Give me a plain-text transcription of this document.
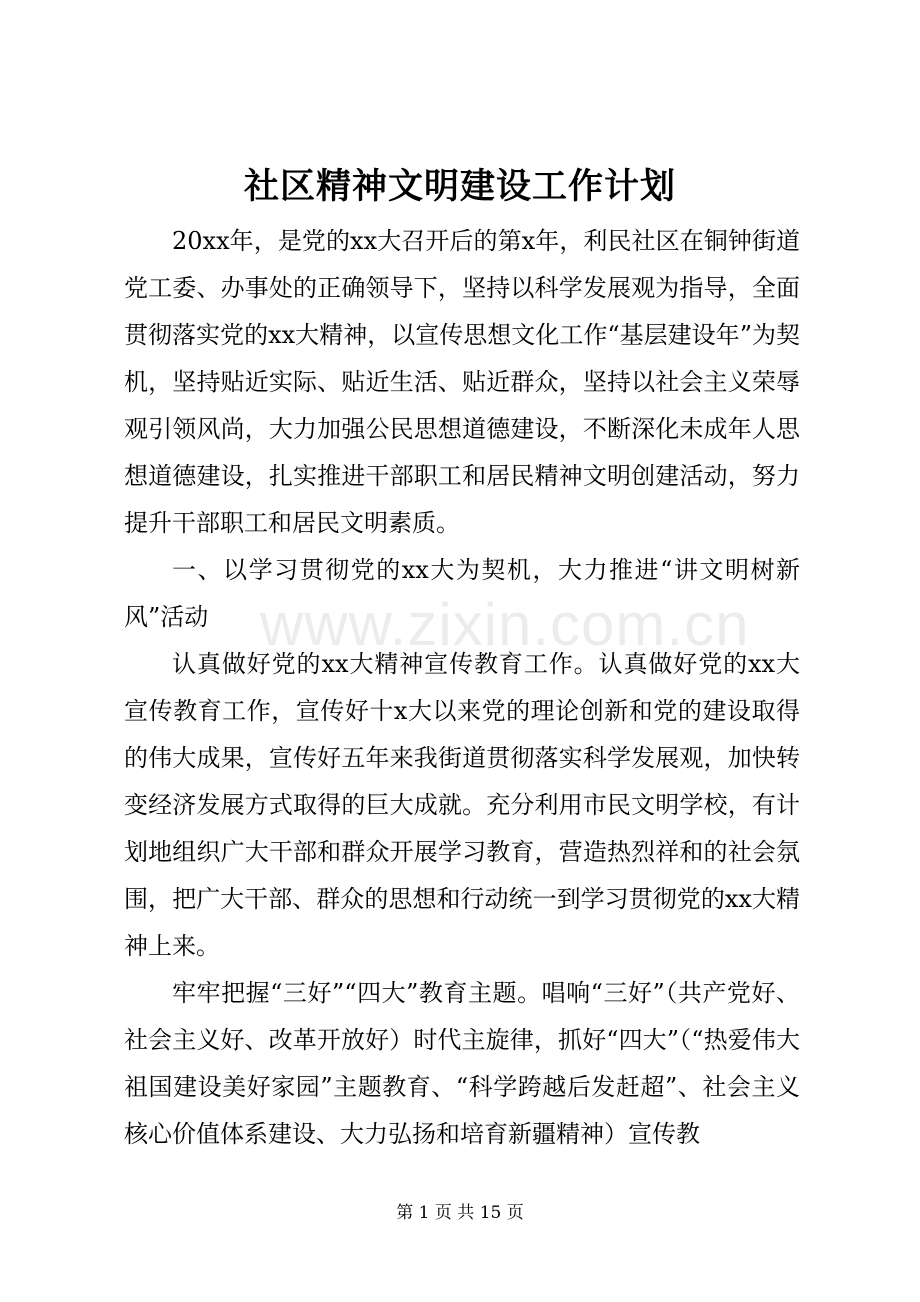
www.zixin.com.cn
社区精神文明建设工作计划

20xx年，是党的xx大召开后的第x年，利民社区在铜钟街道党工委、办事处的正确领导下，坚持以科学发展观为指导，全面贯彻落实党的xx大精神，以宣传思想文化工作“基层建设年”为契机，坚持贴近实际、贴近生活、贴近群众，坚持以社会主义荣辱观引领风尚，大力加强公民思想道德建设，不断深化未成年人思想道德建设，扎实推进干部职工和居民精神文明创建活动，努力提升干部职工和居民文明素质。

一、以学习贯彻党的xx大为契机，大力推进“讲文明树新风”活动

认真做好党的xx大精神宣传教育工作。认真做好党的xx大宣传教育工作，宣传好十x大以来党的理论创新和党的建设取得的伟大成果，宣传好五年来我街道贯彻落实科学发展观，加快转变经济发展方式取得的巨大成就。充分利用市民文明学校，有计划地组织广大干部和群众开展学习教育，营造热烈祥和的社会氛围，把广大干部、群众的思想和行动统一到学习贯彻党的xx大精神上来。

牢牢把握“三好”“四大”教育主题。唱响“三好”（共产党好、社会主义好、改革开放好）时代主旋律，抓好“四大”（“热爱伟大祖国建设美好家园”主题教育、“科学跨越后发赶超”、社会主义核心价值体系建设、大力弘扬和培育新疆精神）宣传教

第 1 页 共 15 页
